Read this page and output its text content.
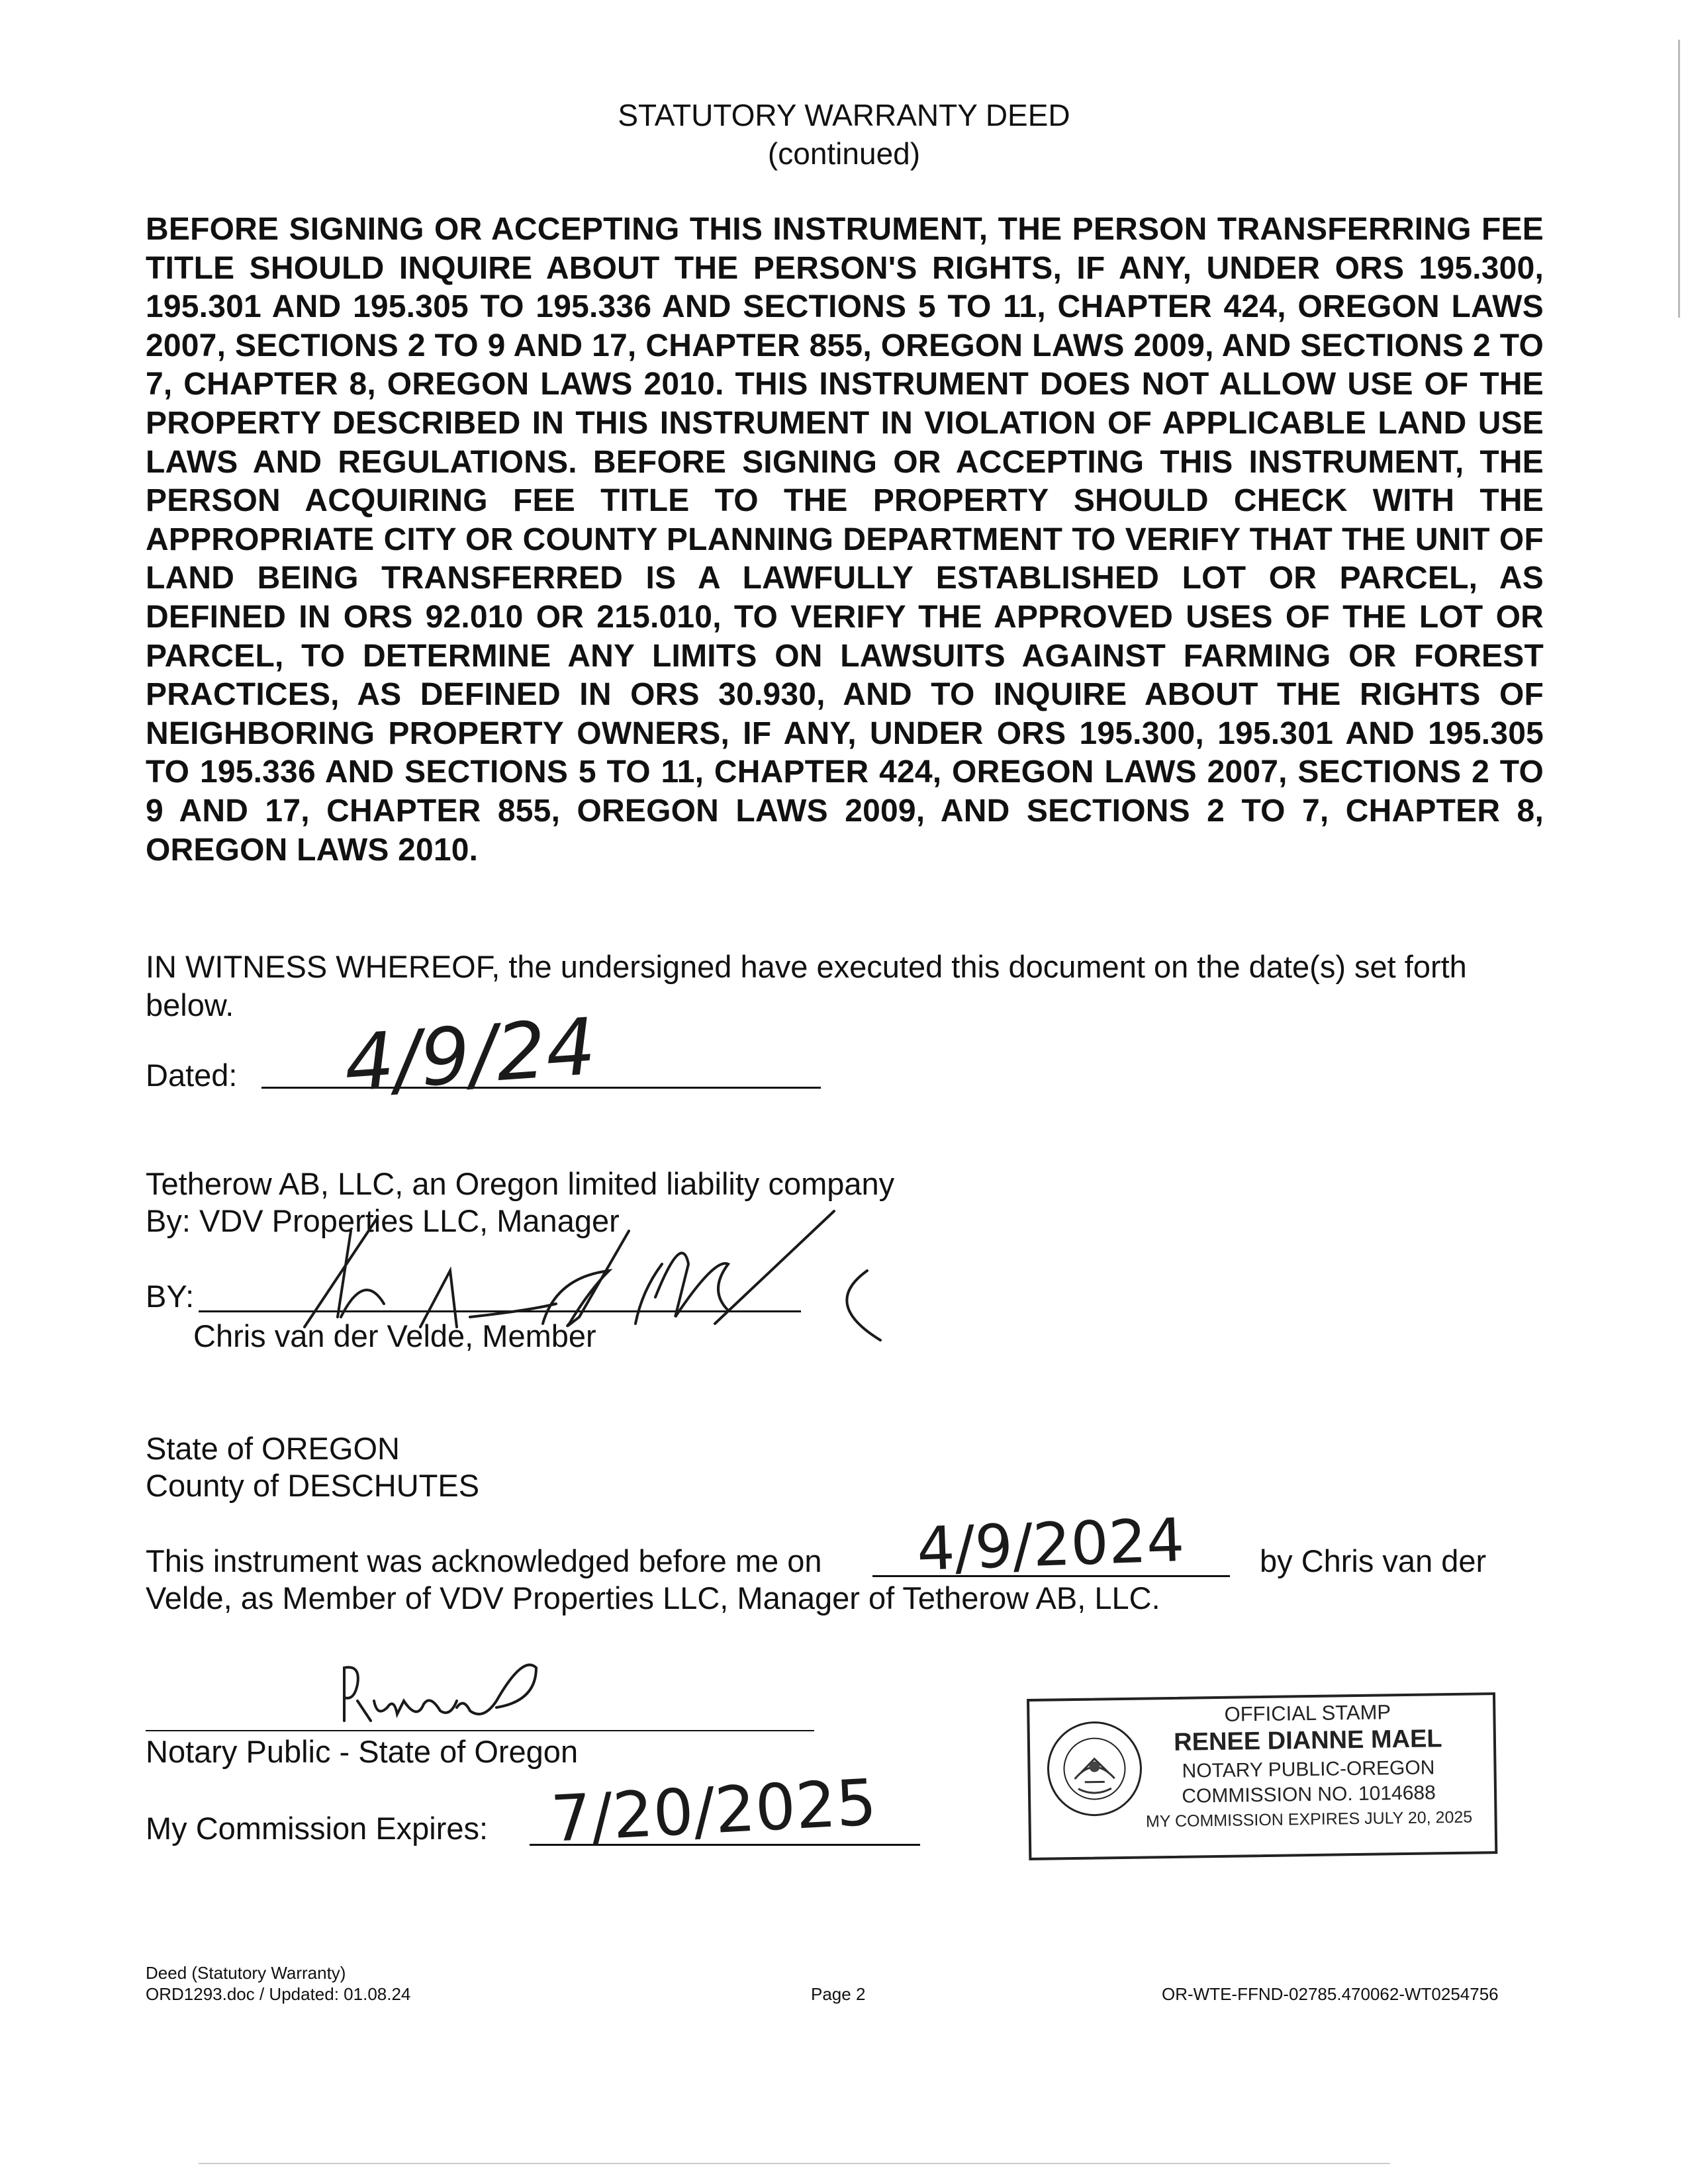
STATUTORY WARRANTY DEED
(continued)
BEFORE SIGNING OR ACCEPTING THIS INSTRUMENT, THE PERSON TRANSFERRING FEE TITLE SHOULD INQUIRE ABOUT THE PERSON'S RIGHTS, IF ANY, UNDER ORS 195.300, 195.301 AND 195.305 TO 195.336 AND SECTIONS 5 TO 11, CHAPTER 424, OREGON LAWS 2007, SECTIONS 2 TO 9 AND 17, CHAPTER 855, OREGON LAWS 2009, AND SECTIONS 2 TO 7, CHAPTER 8, OREGON LAWS 2010. THIS INSTRUMENT DOES NOT ALLOW USE OF THE PROPERTY DESCRIBED IN THIS INSTRUMENT IN VIOLATION OF APPLICABLE LAND USE LAWS AND REGULATIONS. BEFORE SIGNING OR ACCEPTING THIS INSTRUMENT, THE PERSON ACQUIRING FEE TITLE TO THE PROPERTY SHOULD CHECK WITH THE APPROPRIATE CITY OR COUNTY PLANNING DEPARTMENT TO VERIFY THAT THE UNIT OF LAND BEING TRANSFERRED IS A LAWFULLY ESTABLISHED LOT OR PARCEL, AS DEFINED IN ORS 92.010 OR 215.010, TO VERIFY THE APPROVED USES OF THE LOT OR PARCEL, TO DETERMINE ANY LIMITS ON LAWSUITS AGAINST FARMING OR FOREST PRACTICES, AS DEFINED IN ORS 30.930, AND TO INQUIRE ABOUT THE RIGHTS OF NEIGHBORING PROPERTY OWNERS, IF ANY, UNDER ORS 195.300, 195.301 AND 195.305 TO 195.336 AND SECTIONS 5 TO 11, CHAPTER 424, OREGON LAWS 2007, SECTIONS 2 TO 9 AND 17, CHAPTER 855, OREGON LAWS 2009, AND SECTIONS 2 TO 7, CHAPTER 8, OREGON LAWS 2010.
IN WITNESS WHEREOF, the undersigned have executed this document on the date(s) set forth below.
Dated: 4/9/24
Tetherow AB, LLC, an Oregon limited liability company
By: VDV Properties LLC, Manager
BY:
Chris van der Velde, Member
State of OREGON
County of DESCHUTES
This instrument was acknowledged before me on 4/9/2024 by Chris van der
Velde, as Member of VDV Properties LLC, Manager of Tetherow AB, LLC.
Notary Public - State of Oregon
My Commission Expires: 7/20/2025
OFFICIAL STAMP
RENEE DIANNE MAEL
NOTARY PUBLIC-OREGON
COMMISSION NO. 1014688
MY COMMISSION EXPIRES JULY 20, 2025
Deed (Statutory Warranty)
ORD1293.doc / Updated: 01.08.24	Page 2	OR-WTE-FFND-02785.470062-WT0254756
